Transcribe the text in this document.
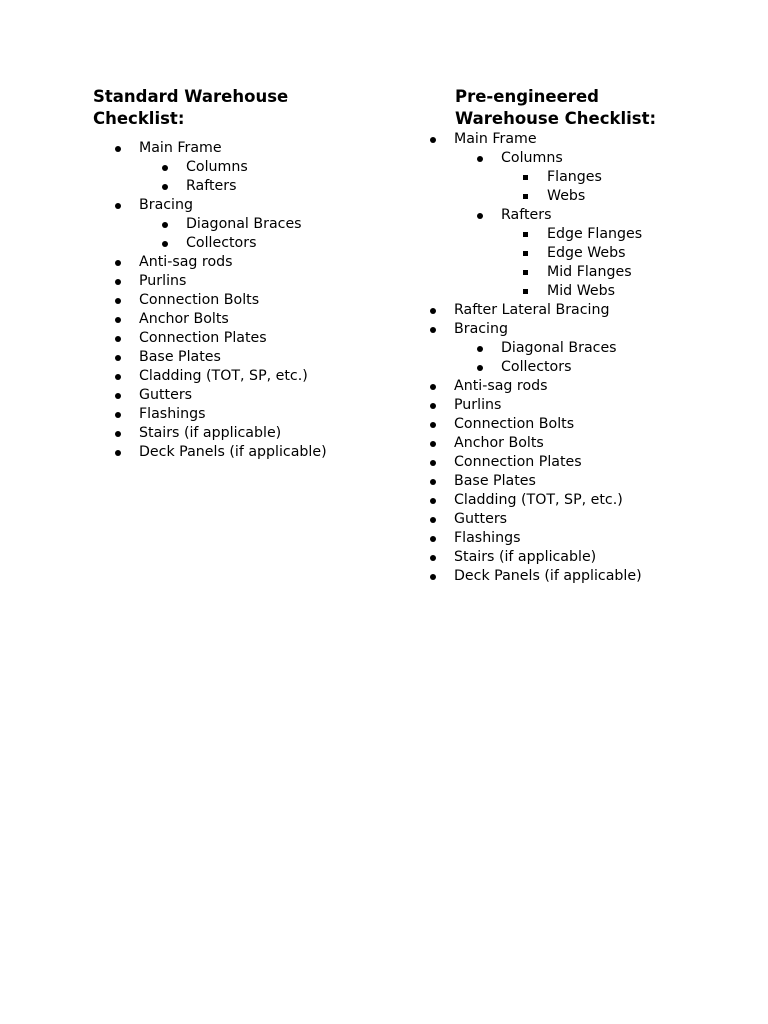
Standard Warehouse
Checklist:
Main Frame
Columns
Rafters
Bracing
Diagonal Braces
Collectors
Anti-sag rods
Purlins
Connection Bolts
Anchor Bolts
Connection Plates
Base Plates
Cladding (TOT, SP, etc.)
Gutters
Flashings
Stairs (if applicable)
Deck Panels (if applicable)
Pre-engineered
Warehouse Checklist:
Main Frame
Columns
Flanges
Webs
Rafters
Edge Flanges
Edge Webs
Mid Flanges
Mid Webs
Rafter Lateral Bracing
Bracing
Diagonal Braces
Collectors
Anti-sag rods
Purlins
Connection Bolts
Anchor Bolts
Connection Plates
Base Plates
Cladding (TOT, SP, etc.)
Gutters
Flashings
Stairs (if applicable)
Deck Panels (if applicable)
